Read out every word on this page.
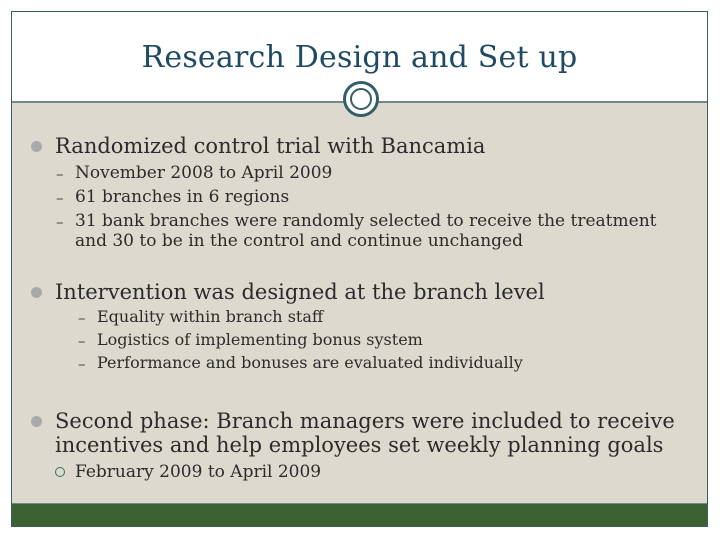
Research Design and Set up
Randomized control trial with Bancamia
– November 2008 to April 2009
– 61 branches in 6 regions
– 31 bank branches were randomly selected to receive the treatment
and 30 to be in the control and continue unchanged
Intervention was designed at the branch level
– Equality within branch staff
– Logistics of implementing bonus system
– Performance and bonuses are evaluated individually
Second phase: Branch managers were included to receive
incentives and help employees set weekly planning goals
February 2009 to April 2009
